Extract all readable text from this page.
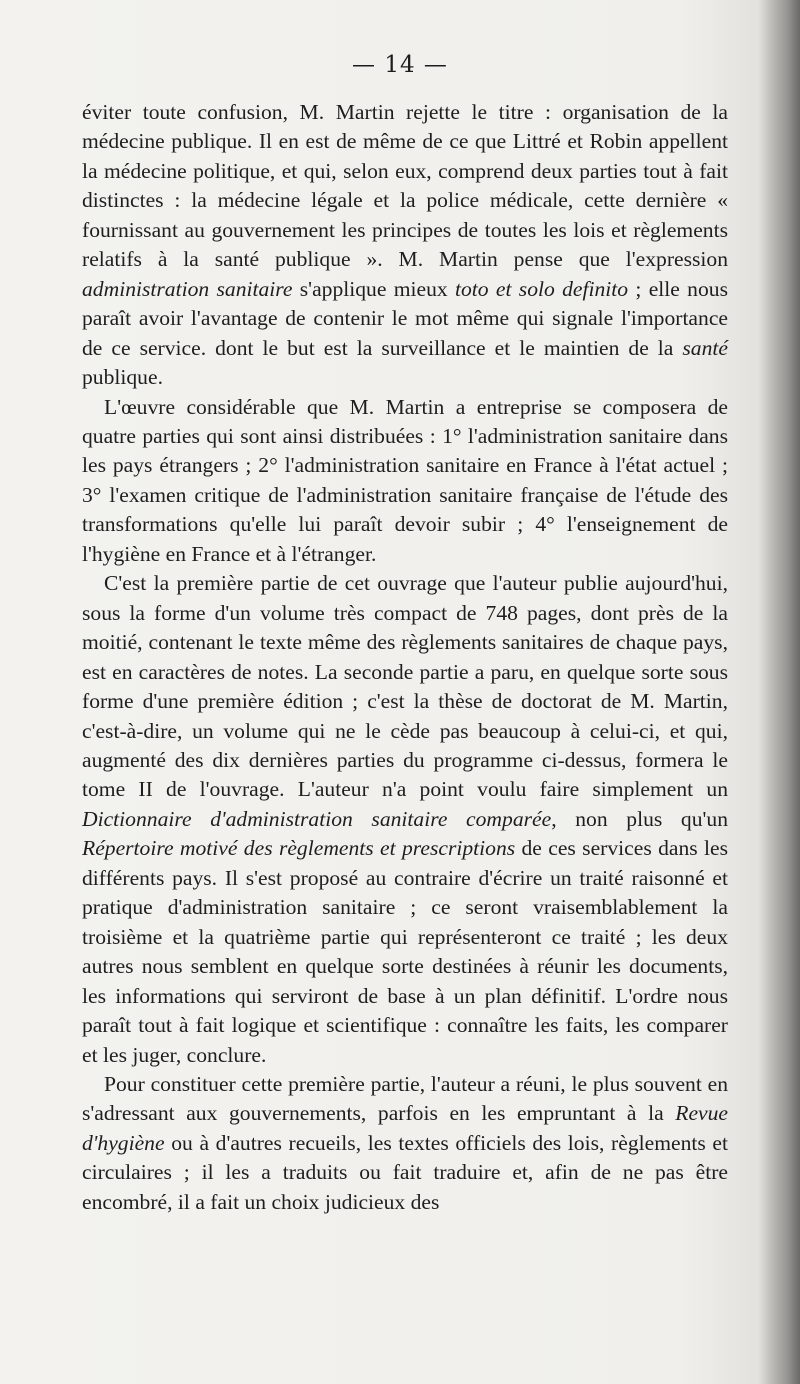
— 14 —

éviter toute confusion, M. Martin rejette le titre : organisation de la médecine publique. Il en est de même de ce que Littré et Robin appellent la médecine politique, et qui, selon eux, comprend deux parties tout à fait distinctes : la médecine légale et la police médicale, cette dernière « fournissant au gouvernement les principes de toutes les lois et règlements relatifs à la santé publique ». M. Martin pense que l'expression administration sanitaire s'applique mieux toto et solo definito ; elle nous paraît avoir l'avantage de contenir le mot même qui signale l'importance de ce service. dont le but est la surveillance et le maintien de la santé publique.

L'œuvre considérable que M. Martin a entreprise se composera de quatre parties qui sont ainsi distribuées : 1° l'administration sanitaire dans les pays étrangers ; 2° l'administration sanitaire en France à l'état actuel ; 3° l'examen critique de l'administration sanitaire française de l'étude des transformations qu'elle lui paraît devoir subir ; 4° l'enseignement de l'hygiène en France et à l'étranger.

C'est la première partie de cet ouvrage que l'auteur publie aujourd'hui, sous la forme d'un volume très compact de 748 pages, dont près de la moitié, contenant le texte même des règlements sanitaires de chaque pays, est en caractères de notes. La seconde partie a paru, en quelque sorte sous forme d'une première édition ; c'est la thèse de doctorat de M. Martin, c'est-à-dire, un volume qui ne le cède pas beaucoup à celui-ci, et qui, augmenté des dix dernières parties du programme ci-dessus, formera le tome II de l'ouvrage. L'auteur n'a point voulu faire simplement un Dictionnaire d'administration sanitaire comparée, non plus qu'un Répertoire motivé des règlements et prescriptions de ces services dans les différents pays. Il s'est proposé au contraire d'écrire un traité raisonné et pratique d'administration sanitaire ; ce seront vraisemblablement la troisième et la quatrième partie qui représenteront ce traité ; les deux autres nous semblent en quelque sorte destinées à réunir les documents, les informations qui serviront de base à un plan définitif. L'ordre nous paraît tout à fait logique et scientifique : connaître les faits, les comparer et les juger, conclure.

Pour constituer cette première partie, l'auteur a réuni, le plus souvent en s'adressant aux gouvernements, parfois en les empruntant à la Revue d'hygiène ou à d'autres recueils, les textes officiels des lois, règlements et circulaires ; il les a traduits ou fait traduire et, afin de ne pas être encombré, il a fait un choix judicieux des
